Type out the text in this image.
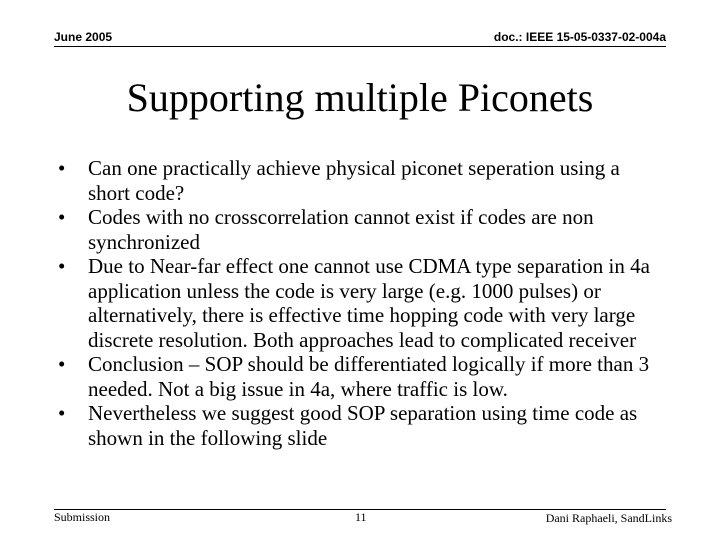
June 2005	doc.: IEEE 15-05-0337-02-004a
Supporting multiple Piconets
• Can one practically achieve physical piconet seperation using a short code?
• Codes with no crosscorrelation cannot exist if codes are non synchronized
• Due to Near-far effect one cannot use CDMA type separation in 4a application unless the code is very large (e.g. 1000 pulses) or alternatively, there is effective time hopping code with very large discrete resolution. Both approaches lead to complicated receiver
• Conclusion – SOP should be differentiated logically if more than 3 needed. Not a big issue in 4a, where traffic is low.
• Nevertheless we suggest good SOP separation using time code as shown in the following slide
Submission	11	Dani Raphaeli, SandLinks
